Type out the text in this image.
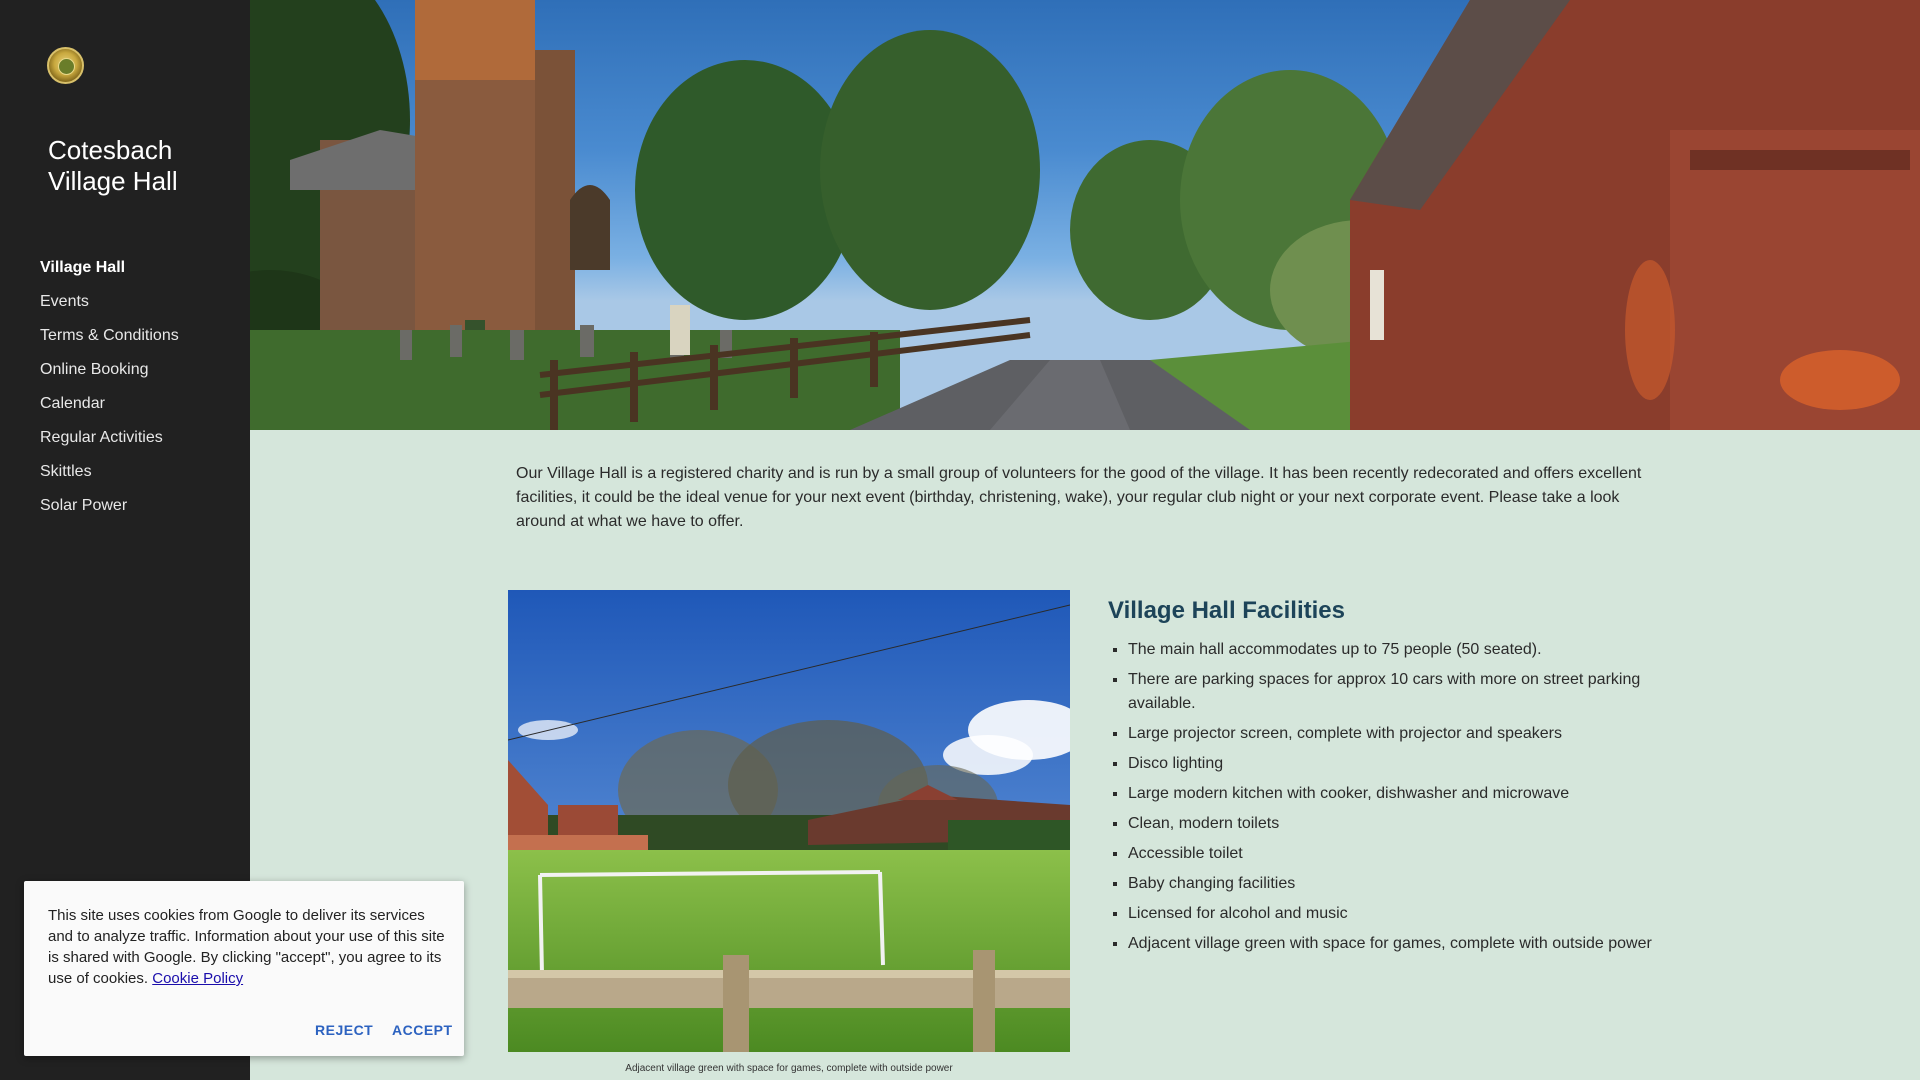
Cotesbach Village Hall
Village Hall
Events
Terms & Conditions
Online Booking
Calendar
Regular Activities
Skittles
Solar Power

Our Village Hall is a registered charity and is run by a small group of volunteers for the good of the village. It has been recently redecorated and offers excellent facilities, it could be the ideal venue for your next event (birthday, christening, wake), your regular club night or your next corporate event. Please take a look around at what we have to offer.

Adjacent village green with space for games, complete with outside power
Village Hall Facilities
▪ The main hall accommodates up to 75 people (50 seated).
▪ There are parking spaces for approx 10 cars with more on street parking available.
▪ Large projector screen, complete with projector and speakers
▪ Disco lighting
▪ Large modern kitchen with cooker, dishwasher and microwave
▪ Clean, modern toilets
▪ Accessible toilet
▪ Baby changing facilities
▪ Licensed for alcohol and music
▪ Adjacent village green with space for games, complete with outside power

This site uses cookies from Google to deliver its services and to analyze traffic. Information about your use of this site is shared with Google. By clicking "accept", you agree to its use of cookies. Cookie Policy

REJECT ACCEPT
